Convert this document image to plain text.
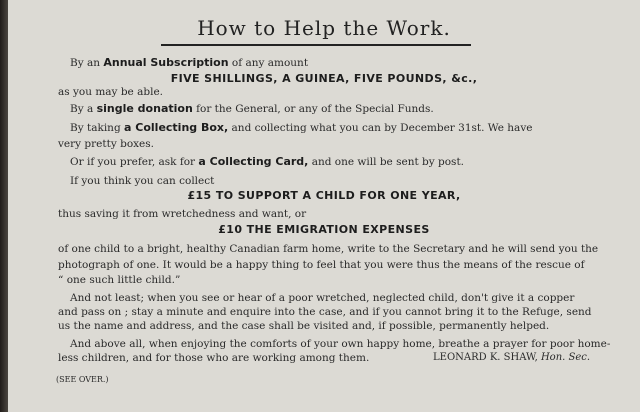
How to Help the Work.
By an Annual Subscription of any amount
FIVE SHILLINGS, A GUINEA, FIVE POUNDS, &c.,
as you may be able.
By a single donation for the General, or any of the Special Funds.
By taking a Collecting Box, and collecting what you can by December 31st. We have
very pretty boxes.
Or if you prefer, ask for a Collecting Card, and one will be sent by post.
If you think you can collect
£15 TO SUPPORT A CHILD FOR ONE YEAR,
thus saving it from wretchedness and want, or
£10 THE EMIGRATION EXPENSES
of one child to a bright, healthy Canadian farm home, write to the Secretary and he will send you the
photograph of one. It would be a happy thing to feel that you were thus the means of the rescue of
“ one such little child.”
And not least; when you see or hear of a poor wretched, neglected child, don't give it a copper
and pass on ; stay a minute and enquire into the case, and if you cannot bring it to the Refuge, send
us the name and address, and the case shall be visited and, if possible, permanently helped.
And above all, when enjoying the comforts of your own happy home, breathe a prayer for poor home-
less children, and for those who are working among them.	LEONARD K. SHAW, Hon. Sec.
(SEE OVER.)
